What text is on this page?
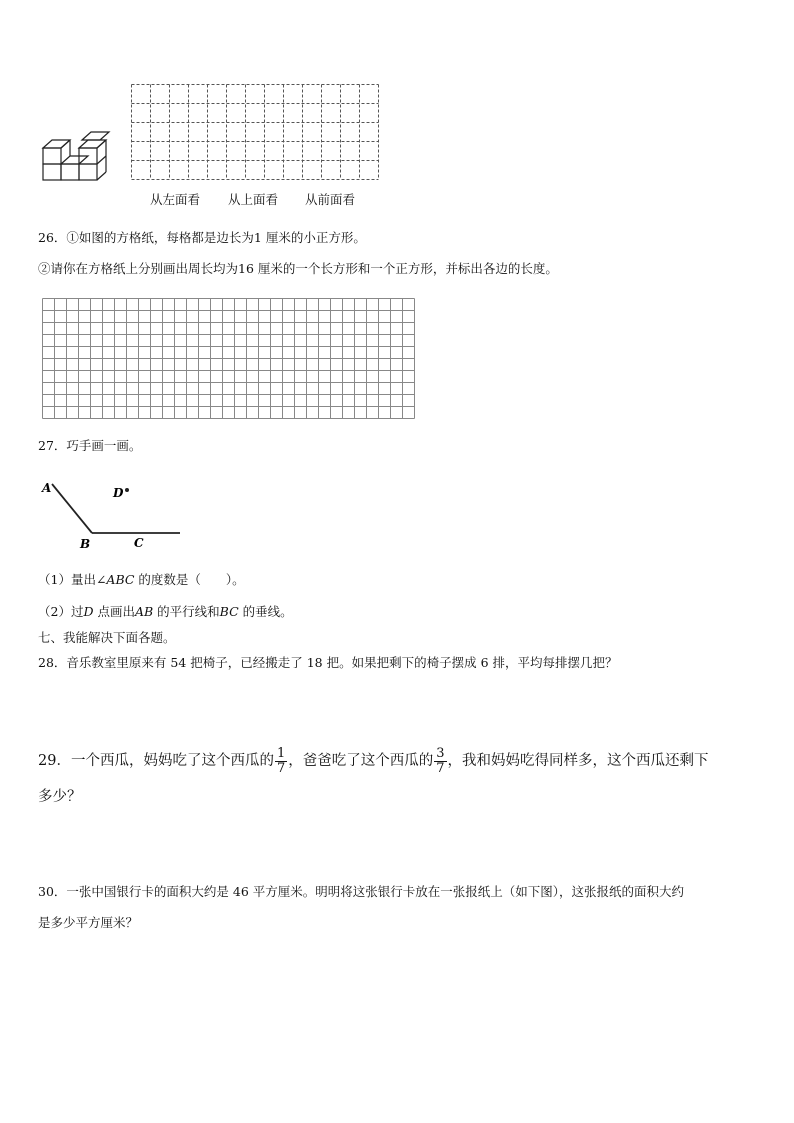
从左面看 从上面看 从前面看
26．①如图的方格纸，每格都是边长为1 厘米的小正方形。
②请你在方格纸上分别画出周长均为16 厘米的一个长方形和一个正方形，并标出各边的长度。
27．巧手画一画。
A
B	C
D
（1）量出∠ABC 的度数是（　　）。
（2）过D 点画出AB 的平行线和BC 的垂线。
七、我能解决下面各题。
28．音乐教室里原来有 54 把椅子，已经搬走了 18 把。如果把剩下的椅子摆成 6 排，平均每排摆几把？
29．一个西瓜，妈妈吃了这个西瓜的 $\frac{1}{7}$ ，爸爸吃了这个西瓜的 $\frac{3}{7}$ ，我和妈妈吃得同样多，这个西瓜还剩下
多少？
30．一张中国银行卡的面积大约是 46 平方厘米。明明将这张银行卡放在一张报纸上（如下图），这张报纸的面积大约
是多少平方厘米？
